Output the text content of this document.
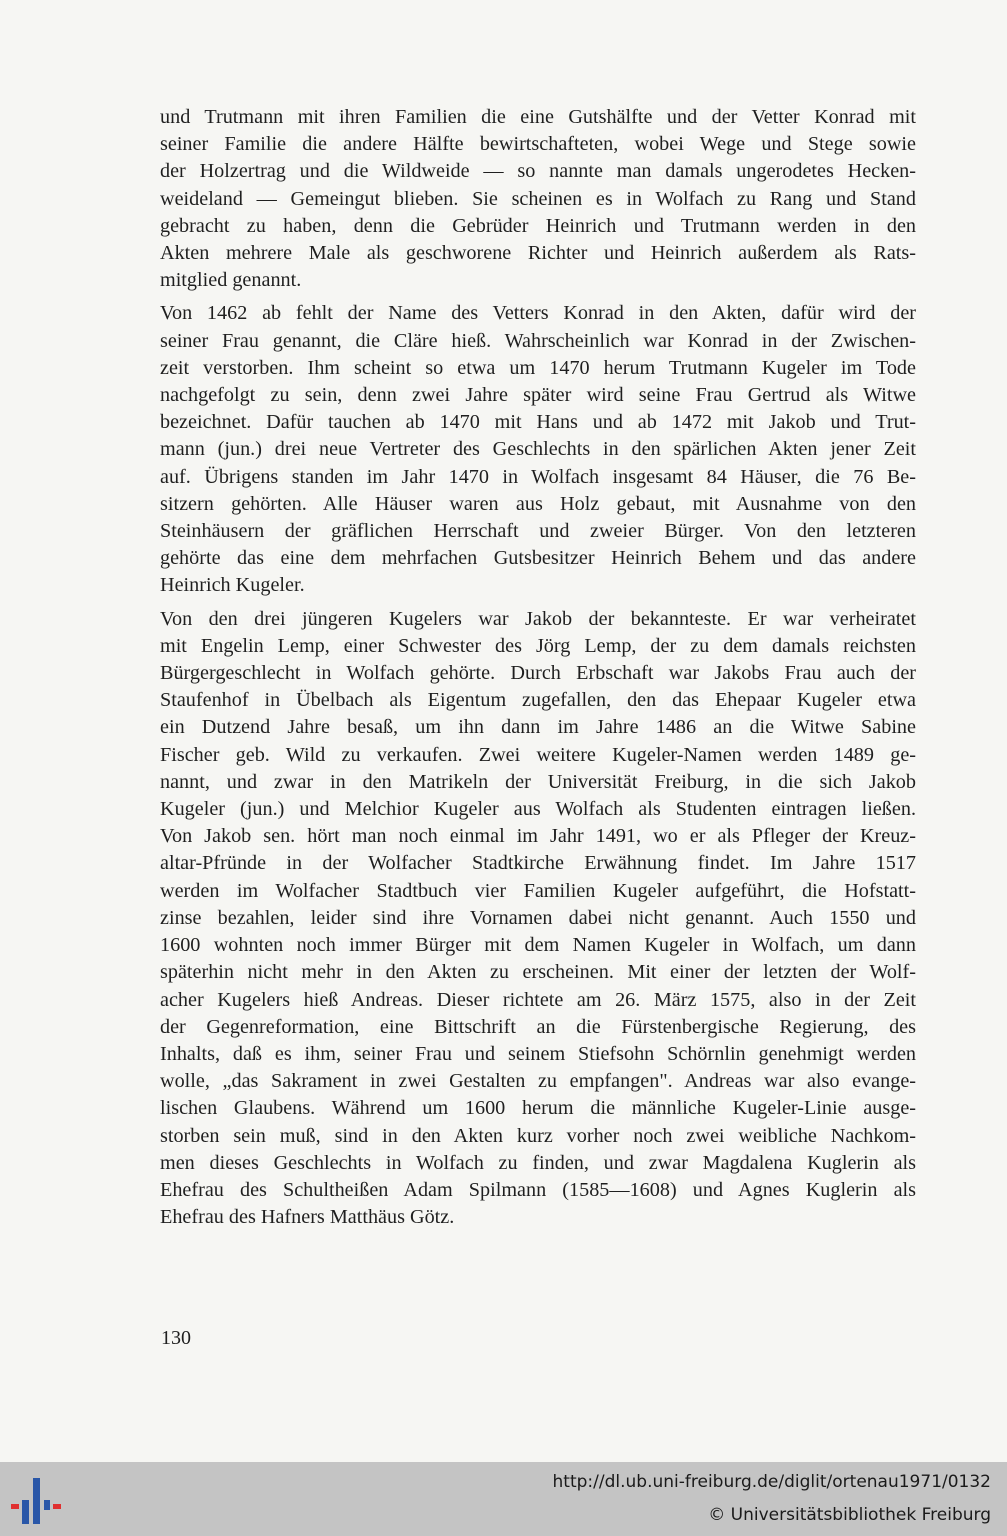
und Trutmann mit ihren Familien die eine Gutshälfte und der Vetter Konrad mit
seiner Familie die andere Hälfte bewirtschafteten, wobei Wege und Stege sowie
der Holzertrag und die Wildweide — so nannte man damals ungerodetes Hecken-
weideland — Gemeingut blieben. Sie scheinen es in Wolfach zu Rang und Stand
gebracht zu haben, denn die Gebrüder Heinrich und Trutmann werden in den
Akten mehrere Male als geschworene Richter und Heinrich außerdem als Rats-
mitglied genannt.

Von 1462 ab fehlt der Name des Vetters Konrad in den Akten, dafür wird der
seiner Frau genannt, die Cläre hieß. Wahrscheinlich war Konrad in der Zwischen-
zeit verstorben. Ihm scheint so etwa um 1470 herum Trutmann Kugeler im Tode
nachgefolgt zu sein, denn zwei Jahre später wird seine Frau Gertrud als Witwe
bezeichnet. Dafür tauchen ab 1470 mit Hans und ab 1472 mit Jakob und Trut-
mann (jun.) drei neue Vertreter des Geschlechts in den spärlichen Akten jener Zeit
auf. Übrigens standen im Jahr 1470 in Wolfach insgesamt 84 Häuser, die 76 Be-
sitzern gehörten. Alle Häuser waren aus Holz gebaut, mit Ausnahme von den
Steinhäusern der gräflichen Herrschaft und zweier Bürger. Von den letzteren
gehörte das eine dem mehrfachen Gutsbesitzer Heinrich Behem und das andere
Heinrich Kugeler.

Von den drei jüngeren Kugelers war Jakob der bekannteste. Er war verheiratet
mit Engelin Lemp, einer Schwester des Jörg Lemp, der zu dem damals reichsten
Bürgergeschlecht in Wolfach gehörte. Durch Erbschaft war Jakobs Frau auch der
Staufenhof in Übelbach als Eigentum zugefallen, den das Ehepaar Kugeler etwa
ein Dutzend Jahre besaß, um ihn dann im Jahre 1486 an die Witwe Sabine
Fischer geb. Wild zu verkaufen. Zwei weitere Kugeler-Namen werden 1489 ge-
nannt, und zwar in den Matrikeln der Universität Freiburg, in die sich Jakob
Kugeler (jun.) und Melchior Kugeler aus Wolfach als Studenten eintragen ließen.
Von Jakob sen. hört man noch einmal im Jahr 1491, wo er als Pfleger der Kreuz-
altar-Pfründe in der Wolfacher Stadtkirche Erwähnung findet. Im Jahre 1517
werden im Wolfacher Stadtbuch vier Familien Kugeler aufgeführt, die Hofstatt-
zinse bezahlen, leider sind ihre Vornamen dabei nicht genannt. Auch 1550 und
1600 wohnten noch immer Bürger mit dem Namen Kugeler in Wolfach, um dann
späterhin nicht mehr in den Akten zu erscheinen. Mit einer der letzten der Wolf-
acher Kugelers hieß Andreas. Dieser richtete am 26. März 1575, also in der Zeit
der Gegenreformation, eine Bittschrift an die Fürstenbergische Regierung, des
Inhalts, daß es ihm, seiner Frau und seinem Stiefsohn Schörnlin genehmigt werden
wolle, „das Sakrament in zwei Gestalten zu empfangen". Andreas war also evange-
lischen Glaubens. Während um 1600 herum die männliche Kugeler-Linie ausge-
storben sein muß, sind in den Akten kurz vorher noch zwei weibliche Nachkom-
men dieses Geschlechts in Wolfach zu finden, und zwar Magdalena Kuglerin als
Ehefrau des Schultheißen Adam Spilmann (1585—1608) und Agnes Kuglerin als
Ehefrau des Hafners Matthäus Götz.

130
http://dl.ub.uni-freiburg.de/diglit/ortenau1971/0132
© Universitätsbibliothek Freiburg
